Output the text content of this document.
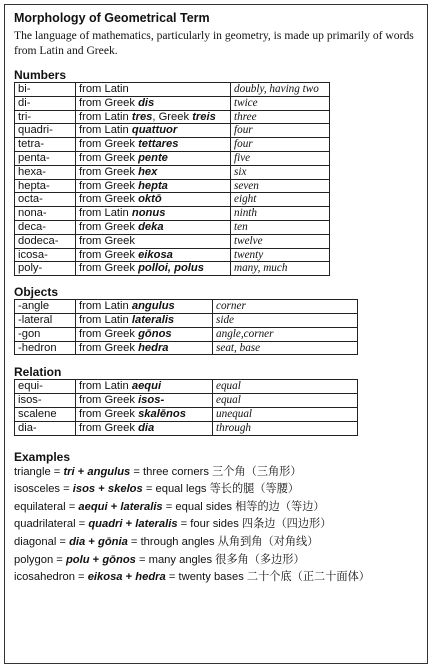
Morphology of Geometrical Term

The language of mathematics, particularly in geometry, is made up primarily of words from Latin and Greek.

Numbers
bi-	from Latin	doubly, having two
di-	from Greek dis	twice
tri-	from Latin tres, Greek treis	three
quadri-	from Latin quattuor	four
tetra-	from Greek tettares	four
penta-	from Greek pente	five
hexa-	from Greek hex	six
hepta-	from Greek hepta	seven
octa-	from Greek oktō	eight
nona-	from Latin nonus	ninth
deca-	from Greek deka	ten
dodeca-	from Greek	twelve
icosa-	from Greek eikosa	twenty
poly-	from Greek polloi, polus	many, much
Objects
-angle	from Latin angulus	corner
-lateral	from Latin lateralis	side
-gon	from Greek gōnos	angle,corner
-hedron	from Greek hedra	seat, base
Relation
equi-	from Latin aequi	equal
isos-	from Greek isos-	equal
scalene	from Greek skalēnos	unequal
dia-	from Greek dia	through
Examples
triangle = tri + angulus = three corners 三个角（三角形）
isosceles = isos + skelos = equal legs 等长的腿（等腰）
equilateral = aequi + lateralis = equal sides 相等的边（等边）
quadrilateral = quadri + lateralis = four sides 四条边（四边形）
diagonal = dia + gōnia = through angles 从角到角（对角线）
polygon = polu + gōnos = many angles 很多角（多边形）
icosahedron = eikosa + hedra = twenty bases 二十个底（正二十面体）
